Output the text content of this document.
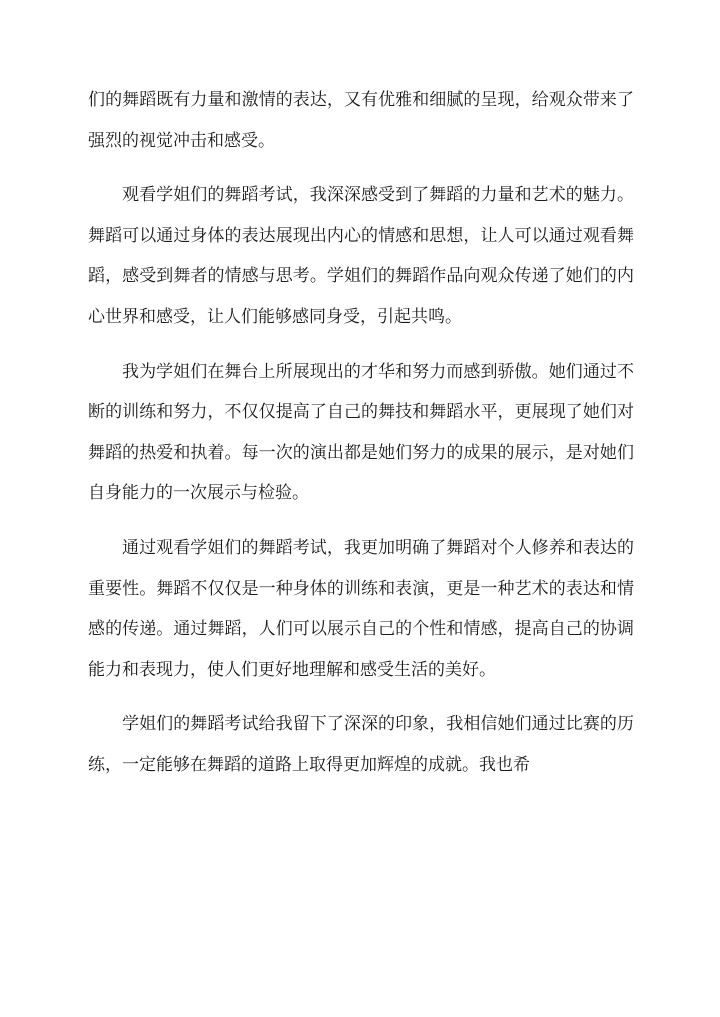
们的舞蹈既有力量和激情的表达，又有优雅和细腻的呈现，给观众带来了强烈的视觉冲击和感受。

观看学姐们的舞蹈考试，我深深感受到了舞蹈的力量和艺术的魅力。舞蹈可以通过身体的表达展现出内心的情感和思想，让人可以通过观看舞蹈，感受到舞者的情感与思考。学姐们的舞蹈作品向观众传递了她们的内心世界和感受，让人们能够感同身受，引起共鸣。

我为学姐们在舞台上所展现出的才华和努力而感到骄傲。她们通过不断的训练和努力，不仅仅提高了自己的舞技和舞蹈水平，更展现了她们对舞蹈的热爱和执着。每一次的演出都是她们努力的成果的展示，是对她们自身能力的一次展示与检验。

通过观看学姐们的舞蹈考试，我更加明确了舞蹈对个人修养和表达的重要性。舞蹈不仅仅是一种身体的训练和表演，更是一种艺术的表达和情感的传递。通过舞蹈，人们可以展示自己的个性和情感，提高自己的协调能力和表现力，使人们更好地理解和感受生活的美好。

学姐们的舞蹈考试给我留下了深深的印象，我相信她们通过比赛的历练，一定能够在舞蹈的道路上取得更加辉煌的成就。我也希
